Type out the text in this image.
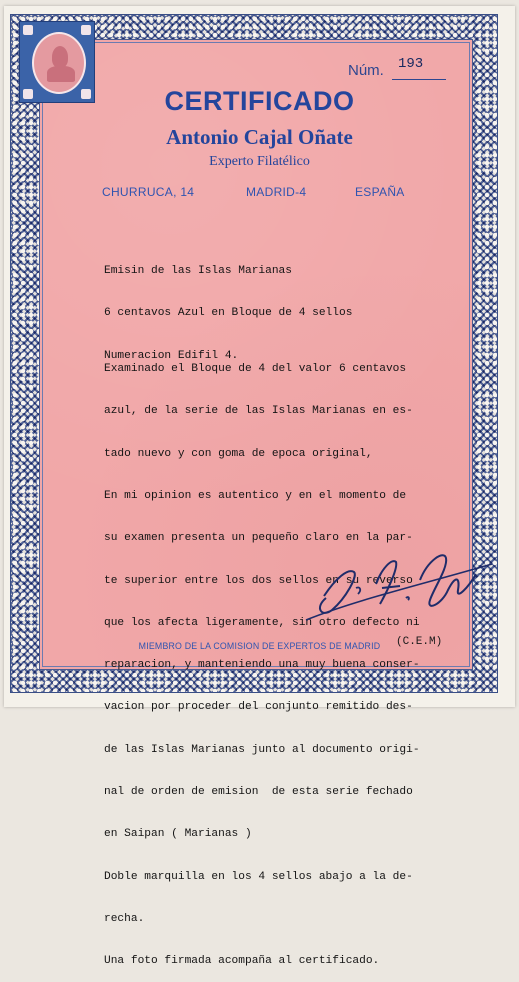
Núm. 193
CERTIFICADO
Antonio Cajal Oñate
Experto Filatélico
CHURRUCA, 14	MADRID-4	ESPAÑA

Emisin de las Islas Marianas

6 centavos Azul en Bloque de 4 sellos

Numeracion Edifil 4.

Examinado el Bloque de 4 del valor 6 centavos

azul, de la serie de las Islas Marianas en es-

tado nuevo y con goma de epoca original,

En mi opinion es autentico y en el momento de

su examen presenta un pequeño claro en la par-

te superior entre los dos sellos en su reverso

que los afecta ligeramente, sin otro defecto ni

reparacion, y manteniendo una muy buena conser-

vacion por proceder del conjunto remitido des-

de las Islas Marianas junto al documento origi-

nal de orden de emision  de esta serie fechado

en Saipan ( Marianas )

Doble marquilla en los 4 sellos abajo a la de-

recha.

Una foto firmada acompaña al certificado.

MIEMBRO DE LA COMISION DE EXPERTOS DE MADRID	(C.E.M)
